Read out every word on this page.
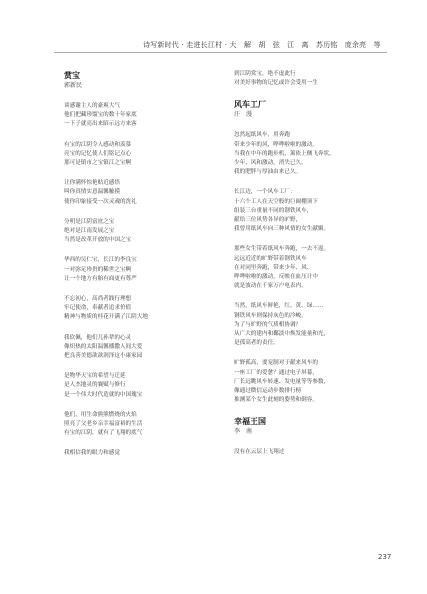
诗写新时代 · 走进长江村 · 大　解　胡　弦　江　离　苏历铭　庞余亮　等
赏宝
郭新民
谈感谢主人的豪爽大气
他们把藏珍馏宝的数十年家底
一下子就亮出来昭示远方来客
有宝的江阴令人感动和羡慕
亮宝的记忆使人们铭记点心
那可是镇市之宝镇江之宝啊
让你满怀惊艳贴近感悟
叫你真情实意温馨触摸
使你印象接受一次灵魂的洗礼
分明是江阴富庶之宝
绝对是江南发展之宝
当然是改革开放的中国之宝
华西的吴仁宝，长江的李良宝
一对弥足珍贵的稀世之宝啊
让一个地方有胎有面更有尊严
不忘初心，高尚者践行理想
牢记使命，奉献者追求价值
精神与物质的桂花开满了江阴大地
我钦佩，他们儿孙辈的心灵
像炽热的太阳温馨播撒人间大爱
把良善美德歆歆润泽这小康家园
是物华天宝的希望与迁延
是人杰地灵的襄赋与修行
是一个伟大时代造就的中国瑰宝
他们，用生命熊熊燃烧的火焰
照亮了父老乡亲幸福富裕的生活
有宝的江阴，就有了飞翔的底气
我相信我的眼力和感觉
到江阴赏宝，绝不虚此行
对美好事物的记忆或许会受用一生
风车工厂
汗　漫
忽然起纸风车，用奔跑
带来少年的风，哗哗啦啦的激动。
当我在中年的跑步机，篱依上侧飞奔状，
少年、风和激动，消失已久，
我的肥胖与厚油由来已久。
长江边，一个风车工厂：
十六个工人在天空般的巨阔棚顶下
组装三台重量不同的钢铁风车，
献给三位风势各异的旷野，
我曾用纸风车向三种风情的女生献媚。
那些女生带着纸风车奔跑，一去不返。
远远近近的旷野带着钢铁风车
在对同里奔跑，带来少年、风、
哗哗啦啦的激动，反映在血压计中
就是波动在千家万户电表内。
当然，纸风车鲜艳，红、黄、绿……
钢铁风车则保持灰色的冷峻，
为了与旷野的气质相协调？
从广大的建内和鄱淡中焕发能量和光，
是孤高者的责任。
旷野孤高，要宠制对于献来风车的
一座工厂的爱惫？通过电子屏幕，
厂长远眺风车转速、发电量等等参数，
像通过微信运动步数排行榜
推测某个女生此刻的姿势和倒容。
幸福王国
李　南
没有在云层上飞翔过
237
